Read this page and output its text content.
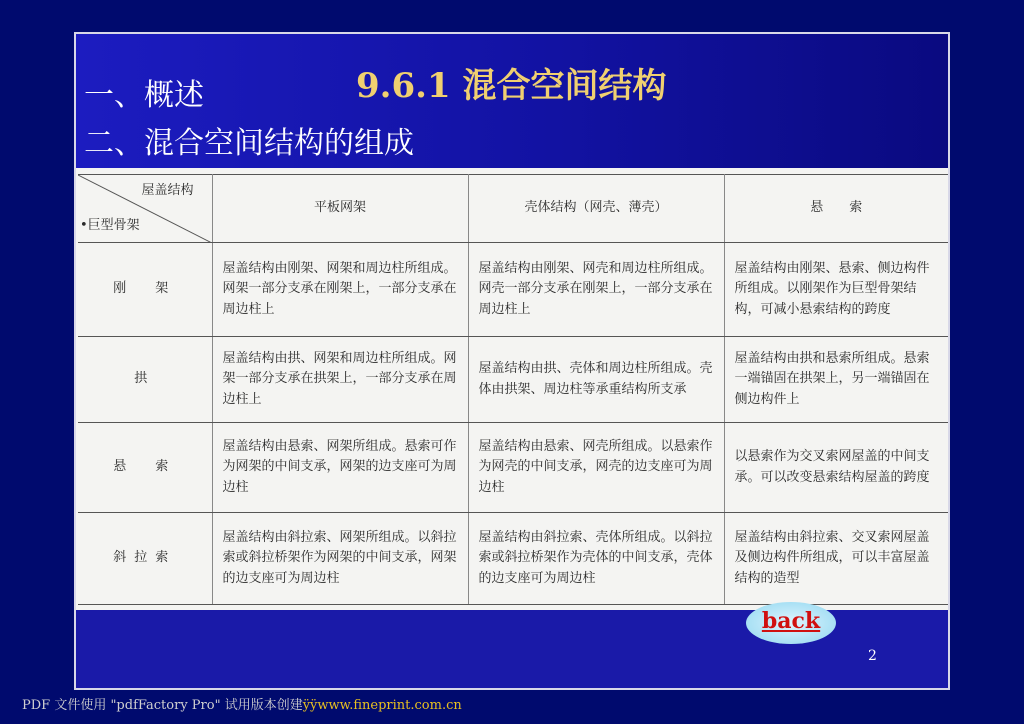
一、概述	9.6.1 混合空间结构
二、混合空间结构的组成
屋盖结构
•巨型骨架	平板网架	壳体结构（网壳、薄壳）	悬　　索
刚　架	屋盖结构由刚架、网架和周边柱所组成。网架一部分支承在刚架上，一部分支承在周边柱上	屋盖结构由刚架、网壳和周边柱所组成。网壳一部分支承在刚架上，一部分支承在周边柱上	屋盖结构由刚架、悬索、侧边构件所组成。以刚架作为巨型骨架结构，可减小悬索结构的跨度
拱	屋盖结构由拱、网架和周边柱所组成。网架一部分支承在拱架上，一部分支承在周边柱上	屋盖结构由拱、壳体和周边柱所组成。壳体由拱架、周边柱等承重结构所支承	屋盖结构由拱和悬索所组成。悬索一端锚固在拱架上，另一端锚固在侧边构件上
悬　索	屋盖结构由悬索、网架所组成。悬索可作为网架的中间支承，网架的边支座可为周边柱	屋盖结构由悬索、网壳所组成。以悬索作为网壳的中间支承，网壳的边支座可为周边柱	以悬索作为交叉索网屋盖的中间支承。可以改变悬索结构屋盖的跨度
斜拉索	屋盖结构由斜拉索、网架所组成。以斜拉索或斜拉桥架作为网架的中间支承，网架的边支座可为周边柱	屋盖结构由斜拉索、壳体所组成。以斜拉索或斜拉桥架作为壳体的中间支承，壳体的边支座可为周边柱	屋盖结构由斜拉索、交叉索网屋盖及侧边构件所组成，可以丰富屋盖结构的造型
back
2
PDF 文件使用 "pdfFactory Pro" 试用版本创建ÿÿwww.fineprint.com.cn
